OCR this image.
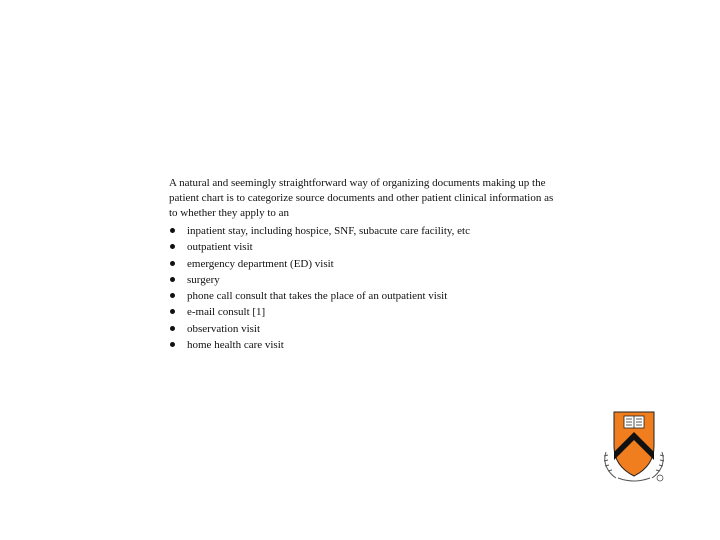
A natural and seemingly straightforward way of organizing documents making up the patient chart is to categorize source documents and other patient clinical information as to whether they apply to an

inpatient stay, including hospice, SNF, subacute care facility, etc
outpatient visit
emergency department (ED) visit
surgery
phone call consult that takes the place of an outpatient visit
e-mail consult [1]
observation visit
home health care visit
